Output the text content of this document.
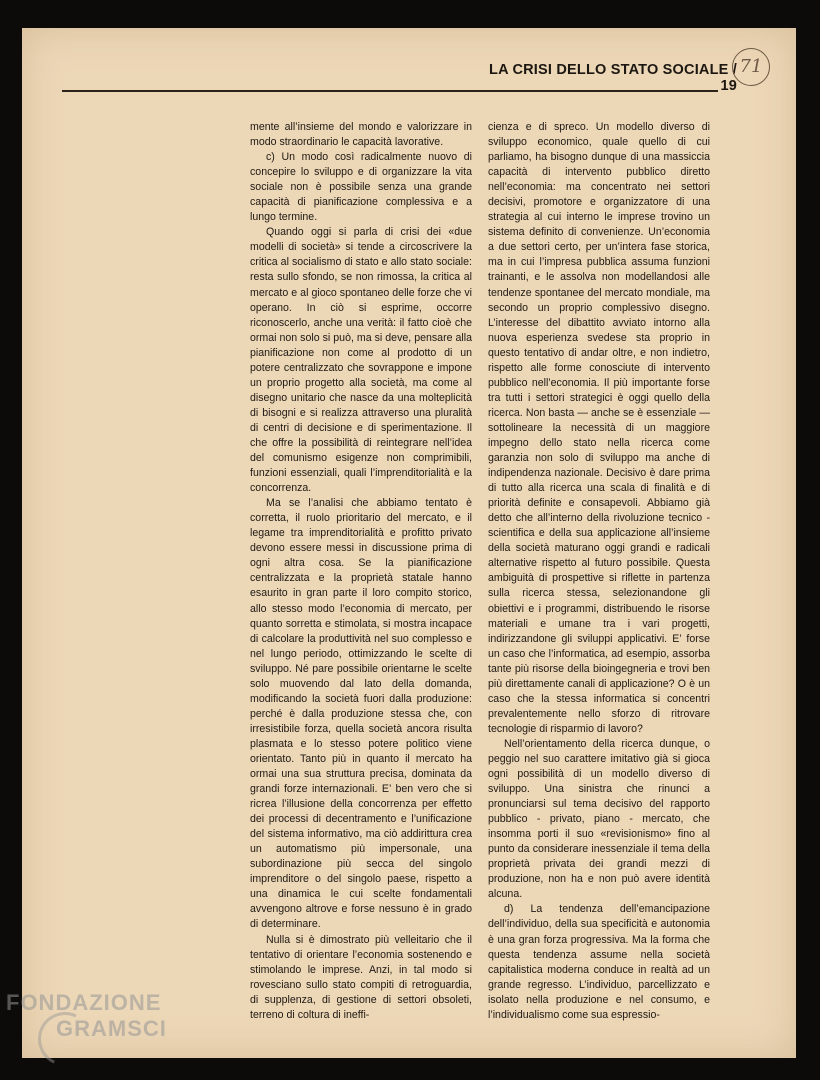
LA CRISI DELLO STATO SOCIALE / 19
71

mente all’insieme del mondo e valorizzare in modo straordinario le capacità lavorative.

c) Un modo così radicalmente nuovo di concepire lo sviluppo e di organizzare la vita sociale non è possibile senza una grande capacità di pianificazione complessiva e a lungo termine.

Quando oggi si parla di crisi dei «due modelli di società» si tende a circoscrivere la critica al socialismo di stato e allo stato sociale: resta sullo sfondo, se non rimossa, la critica al mercato e al gioco spontaneo delle forze che vi operano. In ciò si esprime, occorre riconoscerlo, anche una verità: il fatto cioè che ormai non solo si può, ma si deve, pensare alla pianificazione non come al prodotto di un potere centralizzato che sovrappone e impone un proprio progetto alla società, ma come al disegno unitario che nasce da una molteplicità di bisogni e si realizza attraverso una pluralità di centri di decisione e di sperimentazione. Il che offre la possibilità di reintegrare nell’idea del comunismo esigenze non comprimibili, funzioni essenziali, quali l’imprenditorialità e la concorrenza.

Ma se l’analisi che abbiamo tentato è corretta, il ruolo prioritario del mercato, e il legame tra imprenditorialità e profitto privato devono essere messi in discussione prima di ogni altra cosa. Se la pianificazione centralizzata e la proprietà statale hanno esaurito in gran parte il loro compito storico, allo stesso modo l’economia di mercato, per quanto sorretta e stimolata, si mostra incapace di calcolare la produttività nel suo complesso e nel lungo periodo, ottimizzando le scelte di sviluppo. Né pare possibile orientarne le scelte solo muovendo dal lato della domanda, modificando la società fuori dalla produzione: perché è dalla produzione stessa che, con irresistibile forza, quella società ancora risulta plasmata e lo stesso potere politico viene orientato. Tanto più in quanto il mercato ha ormai una sua struttura precisa, dominata da grandi forze internazionali. E’ ben vero che si ricrea l’illusione della concorrenza per effetto dei processi di decentramento e l’unificazione del sistema informativo, ma ciò addirittura crea un automatismo più impersonale, una subordinazione più secca del singolo imprenditore o del singolo paese, rispetto a una dinamica le cui scelte fondamentali avvengono altrove e forse nessuno è in grado di determinare.

Nulla si è dimostrato più velleitario che il tentativo di orientare l’economia sostenendo e stimolando le imprese. Anzi, in tal modo si rovesciano sullo stato compiti di retroguardia, di supplenza, di gestione di settori obsoleti, terreno di coltura di ineffi-

cienza e di spreco. Un modello diverso di sviluppo economico, quale quello di cui parliamo, ha bisogno dunque di una massiccia capacità di intervento pubblico diretto nell’economia: ma concentrato nei settori decisivi, promotore e organizzatore di una strategia al cui interno le imprese trovino un sistema definito di convenienze. Un’economia a due settori certo, per un’intera fase storica, ma in cui l’impresa pubblica assuma funzioni trainanti, e le assolva non modellandosi alle tendenze spontanee del mercato mondiale, ma secondo un proprio complessivo disegno. L’interesse del dibattito avviato intorno alla nuova esperienza svedese sta proprio in questo tentativo di andar oltre, e non indietro, rispetto alle forme conosciute di intervento pubblico nell’economia. Il più importante forse tra tutti i settori strategici è oggi quello della ricerca. Non basta — anche se è essenziale — sottolineare la necessità di un maggiore impegno dello stato nella ricerca come garanzia non solo di sviluppo ma anche di indipendenza nazionale. Decisivo è dare prima di tutto alla ricerca una scala di finalità e di priorità definite e consapevoli. Abbiamo già detto che all’interno della rivoluzione tecnico - scientifica e della sua applicazione all’insieme della società maturano oggi grandi e radicali alternative rispetto al futuro possibile. Questa ambiguità di prospettive si riflette in partenza sulla ricerca stessa, selezionandone gli obiettivi e i programmi, distribuendo le risorse materiali e umane tra i vari progetti, indirizzandone gli sviluppi applicativi. E’ forse un caso che l’informatica, ad esempio, assorba tante più risorse della bioingegneria e trovi ben più direttamente canali di applicazione? O è un caso che la stessa informatica si concentri prevalentemente nello sforzo di ritrovare tecnologie di risparmio di lavoro?

Nell’orientamento della ricerca dunque, o peggio nel suo carattere imitativo già si gioca ogni possibilità di un modello diverso di sviluppo. Una sinistra che rinunci a pronunciarsi sul tema decisivo del rapporto pubblico - privato, piano - mercato, che insomma porti il suo «revisionismo» fino al punto da considerare inessenziale il tema della proprietà privata dei grandi mezzi di produzione, non ha e non può avere identità alcuna.

d) La tendenza dell’emancipazione dell’individuo, della sua specificità e autonomia è una gran forza progressiva. Ma la forma che questa tendenza assume nella società capitalistica moderna conduce in realtà ad un grande regresso. L’individuo, parcellizzato e isolato nella produzione e nel consumo, e l’individualismo come sua espressio-

FONDAZIONE
GRAMSCI
